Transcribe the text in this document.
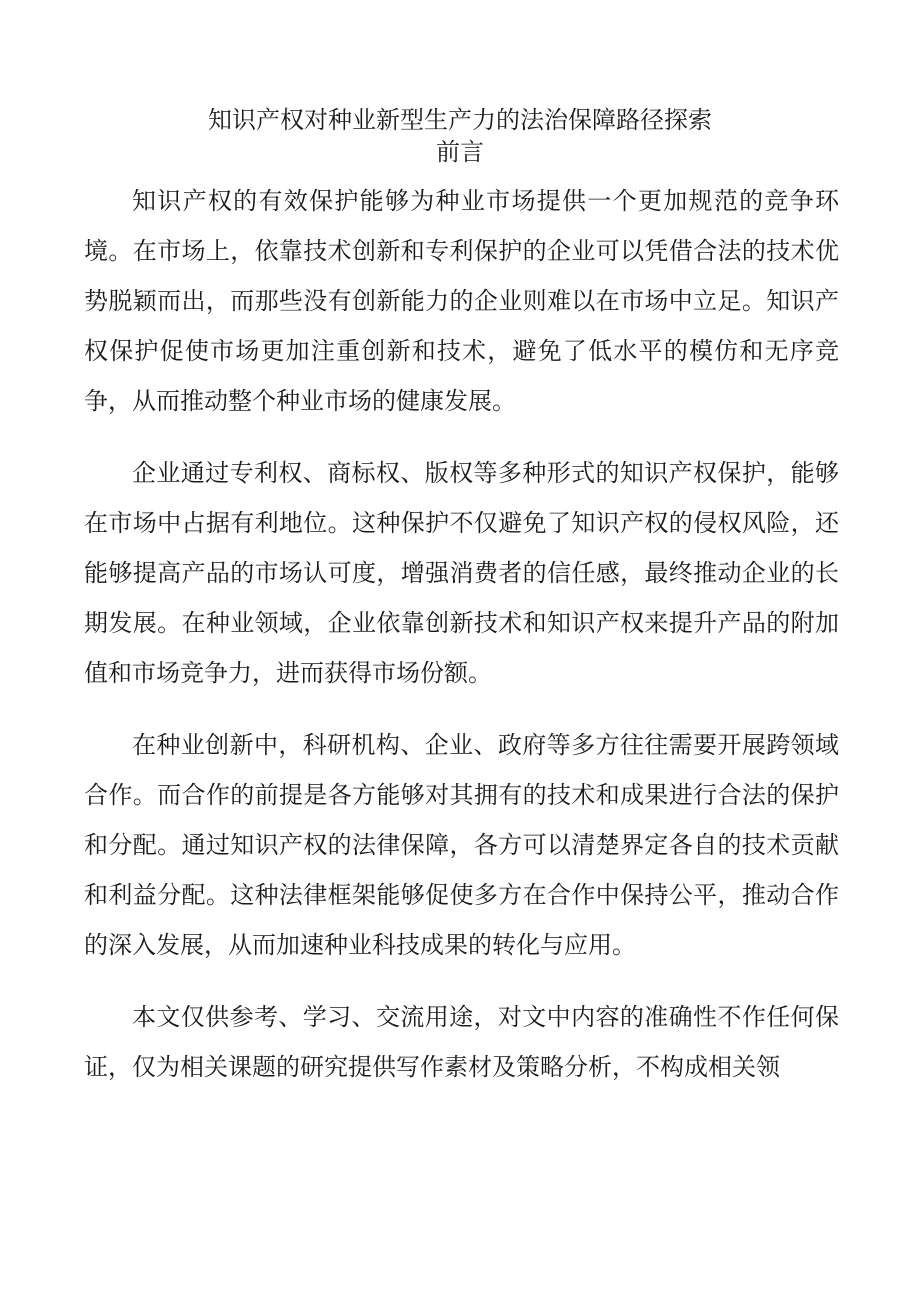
知识产权对种业新型生产力的法治保障路径探索
前言

知识产权的有效保护能够为种业市场提供一个更加规范的竞争环境。在市场上，依靠技术创新和专利保护的企业可以凭借合法的技术优势脱颖而出，而那些没有创新能力的企业则难以在市场中立足。知识产权保护促使市场更加注重创新和技术，避免了低水平的模仿和无序竞争，从而推动整个种业市场的健康发展。

企业通过专利权、商标权、版权等多种形式的知识产权保护，能够在市场中占据有利地位。这种保护不仅避免了知识产权的侵权风险，还能够提高产品的市场认可度，增强消费者的信任感，最终推动企业的长期发展。在种业领域，企业依靠创新技术和知识产权来提升产品的附加值和市场竞争力，进而获得市场份额。

在种业创新中，科研机构、企业、政府等多方往往需要开展跨领域合作。而合作的前提是各方能够对其拥有的技术和成果进行合法的保护和分配。通过知识产权的法律保障，各方可以清楚界定各自的技术贡献和利益分配。这种法律框架能够促使多方在合作中保持公平，推动合作的深入发展，从而加速种业科技成果的转化与应用。

本文仅供参考、学习、交流用途，对文中内容的准确性不作任何保证，仅为相关课题的研究提供写作素材及策略分析，不构成相关领
